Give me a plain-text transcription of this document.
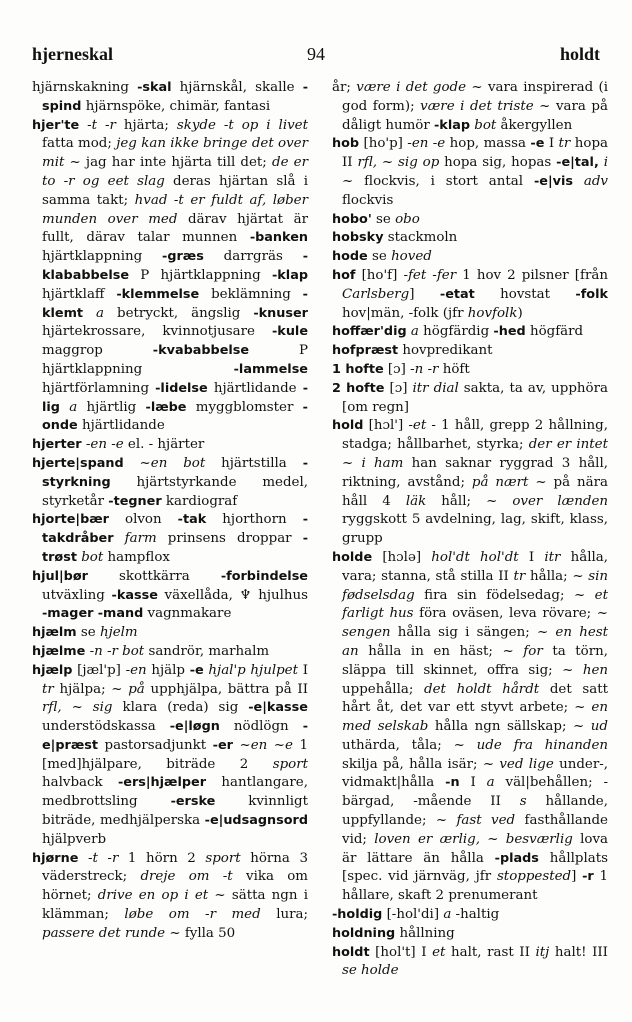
hjerneskal	94	holdt

hjärnskakning -skal hjärnskål, skalle -spind hjärnspöke, chimär, fantasi

hjer'te -t -r hjärta; skyde -t op i livet fatta mod; jeg kan ikke bringe det over mit ~ jag har inte hjärta till det; de er to -r og eet slag deras hjärtan slå i samma takt; hvad -t er fuldt af, løber munden over med därav hjärtat är fullt, därav talar munnen -banken hjärtklappning -græs darrgräs -klababbelse P hjärtklappning -klap hjärtklaff -klemmelse beklämning -klemt a betryckt, ängslig -knuser hjärtekrossare, kvinnotjusare -kule maggrop -kvababbelse P hjärtklappning -lammelse hjärtförlamning -lidelse hjärtlidande -lig a hjärtlig -læbe myggblomster -onde hjärtlidande

hjerter -en -e el. - hjärter

hjerte|spand ~en bot hjärtstilla -styrkning hjärtstyrkande medel, styrketår -tegner kardiograf

hjorte|bær olvon -tak hjorthorn -takdråber farm prinsens droppar -trøst bot hampflox

hjul|bør skottkärra -forbindelse utväxling -kasse växellåda, ♆ hjulhus -mager -mand vagnmakare

hjælm se hjelm

hjælme -n -r bot sandrör, marhalm

hjælp [jæl'p] -en hjälp -e hjal'p hjulpet I tr hjälpa; ~ på upphjälpa, bättra på II rfl, ~ sig klara (reda) sig -e|kasse understödskassa -e|løgn nödlögn -e|præst pastorsadjunkt -er ~en ~e 1 [med]hjälpare, biträde 2 sport halvback -ers|hjælper hantlangare, medbrottsling -erske kvinnligt biträde, medhjälperska -e|udsagnsord hjälpverb

hjørne -t -r 1 hörn 2 sport hörna 3 väderstreck; dreje om -t vika om hörnet; drive en op i et ~ sätta ngn i klämman; løbe om -r med lura; passere det runde ~ fylla 50

år; være i det gode ~ vara inspirerad (i god form); være i det triste ~ vara på dåligt humör -klap bot åkergyllen

hob [ho'p] -en -e hop, massa -e I tr hopa II rfl, ~ sig op hopa sig, hopas -e|tal, i ~ flockvis, i stort antal -e|vis adv flockvis

hobo' se obo

hobsky stackmoln

hode se hoved

hof [ho'f] -fet -fer 1 hov 2 pilsner [från Carlsberg] -etat hovstat -folk hov|män, -folk (jfr hovfolk)

hoffær'dig a högfärdig -hed högfärd

hofpræst hovpredikant

1 hofte [ɔ] -n -r höft

2 hofte [ɔ] itr dial sakta, ta av, upphöra [om regn]

hold [hɔl'] -et - 1 håll, grepp 2 hållning, stadga; hållbarhet, styrka; der er intet ~ i ham han saknar ryggrad 3 håll, riktning, avstånd; på nært ~ på nära håll 4 läk håll; ~ over lænden ryggskott 5 avdelning, lag, skift, klass, grupp

holde [hɔlə] hol'dt hol'dt I itr hålla, vara; stanna, stå stilla II tr hålla; ~ sin fødselsdag fira sin födelsedag; ~ et farligt hus föra oväsen, leva rövare; ~ sengen hålla sig i sängen; ~ en hest an hålla in en häst; ~ for ta törn, släppa till skinnet, offra sig; ~ hen uppehålla; det holdt hårdt det satt hårt åt, det var ett styvt arbete; ~ en med selskab hålla ngn sällskap; ~ ud uthärda, tåla; ~ ude fra hinanden skilja på, hålla isär; ~ ved lige under-, vidmakt|hålla -n I a väl|behållen; -bärgad, -mående II s hållande, uppfyllande; ~ fast ved fasthållande vid; loven er ærlig, ~ besværlig lova är lättare än hålla -plads hållplats [spec. vid järnväg, jfr stoppested] -r 1 hållare, skaft 2 prenumerant

-holdig [-hol'di] a -haltig

holdning hållning

holdt [hol't] I et halt, rast II itj halt! III se holde
